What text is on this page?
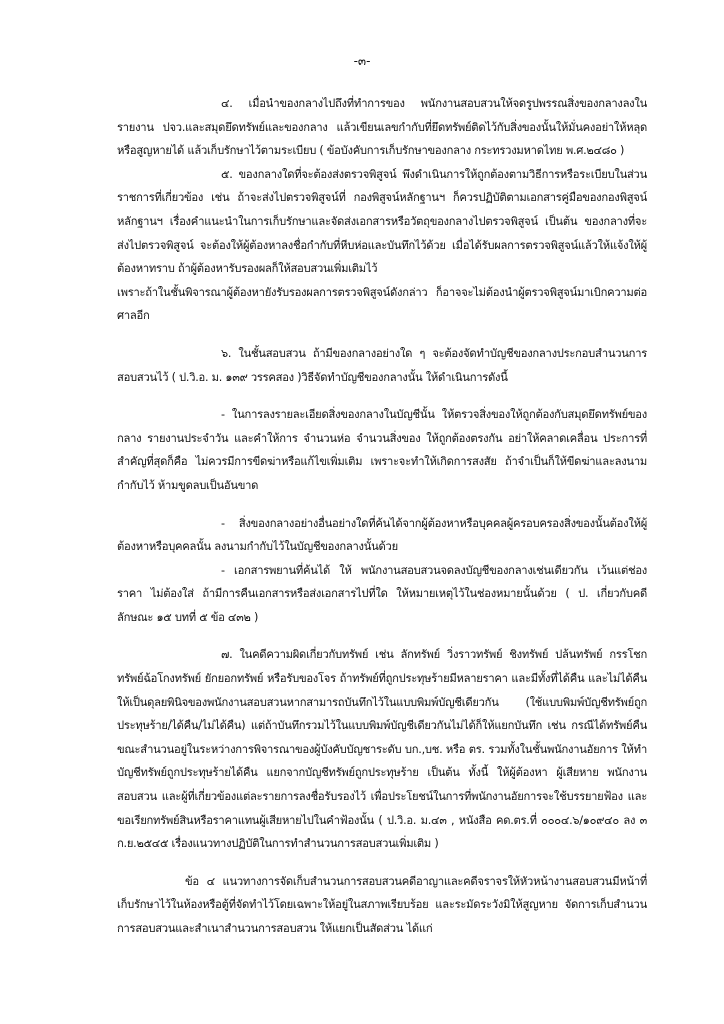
-๓-

๔. เมื่อนำของกลางไปถึงที่ทำการของ พนักงานสอบสวนให้จดรูปพรรณสิ่งของกลางลงในรายงาน ปจว.และสมุดยึดทรัพย์และของกลาง แล้วเขียนเลขกำกับที่ยึดทรัพย์ติดไว้กับสิ่งของนั้นให้มั่นคงอย่าให้หลุดหรือสูญหายได้ แล้วเก็บรักษาไว้ตามระเบียบ ( ข้อบังคับการเก็บรักษาของกลาง กระทรวงมหาดไทย พ.ศ.๒๔๘๐ )

๕. ของกลางใดที่จะต้องส่งตรวจพิสูจน์ พึงดำเนินการให้ถูกต้องตามวิธีการหรือระเบียบในส่วนราชการที่เกี่ยวข้อง เช่น ถ้าจะส่งไปตรวจพิสูจน์ที่ กองพิสูจน์หลักฐานฯ ก็ควรปฏิบัติตามเอกสารคู่มือของกองพิสูจน์หลักฐานฯ เรื่องคำแนะนำในการเก็บรักษาและจัดส่งเอกสารหรือวัตถุของกลางไปตรวจพิสูจน์ เป็นต้น ของกลางที่จะส่งไปตรวจพิสูจน์ จะต้องให้ผู้ต้องหาลงชื่อกำกับที่หีบห่อและบันทึกไว้ด้วย เมื่อได้รับผลการตรวจพิสูจน์แล้วให้แจ้งให้ผู้ต้องหาทราบ ถ้าผู้ต้องหารับรองผลก็ให้สอบสวนเพิ่มเติมไว้

เพราะถ้าในชั้นพิจารณาผู้ต้องหายังรับรองผลการตรวจพิสูจน์ดังกล่าว ก็อาจจะไม่ต้องนำผู้ตรวจพิสูจน์มาเบิกความต่อศาลอีก

๖. ในชั้นสอบสวน ถ้ามีของกลางอย่างใด ๆ จะต้องจัดทำบัญชีของกลางประกอบสำนวนการสอบสวนไว้ ( ป.วิ.อ. ม. ๑๓๙ วรรคสอง )วิธีจัดทำบัญชีของกลางนั้น ให้ดำเนินการดังนี้

- ในการลงรายละเอียดสิ่งของกลางในบัญชีนั้น ให้ตรวจสิ่งของให้ถูกต้องกับสมุดยึดทรัพย์ของกลาง รายงานประจำวัน และคำให้การ จำนวนห่อ จำนวนสิ่งของ ให้ถูกต้องตรงกัน อย่าให้คลาดเคลื่อน ประการที่สำคัญที่สุดก็คือ ไม่ควรมีการขีดฆ่าหรือแก้ไขเพิ่มเติม เพราะจะทำให้เกิดการสงสัย ถ้าจำเป็นก็ให้ขีดฆ่าและลงนามกำกับไว้ ห้ามขูดลบเป็นอันขาด

- สิ่งของกลางอย่างอื่นอย่างใดที่ค้นได้จากผู้ต้องหาหรือบุคคลผู้ครอบครองสิ่งของนั้นต้องให้ผู้ต้องหาหรือบุคคลนั้น ลงนามกำกับไว้ในบัญชีของกลางนั้นด้วย

- เอกสารพยานที่ค้นได้ ให้ พนักงานสอบสวนจดลงบัญชีของกลางเช่นเดียวกัน เว้นแต่ช่องราคา ไม่ต้องใส่ ถ้ามีการคืนเอกสารหรือส่งเอกสารไปที่ใด ให้หมายเหตุไว้ในช่องหมายนั้นด้วย ( ป. เกี่ยวกับคดี ลักษณะ ๑๕ บทที่ ๕ ข้อ ๔๓๒ )

๗. ในคดีความผิดเกี่ยวกับทรัพย์ เช่น ลักทรัพย์ วิ่งราวทรัพย์ ชิงทรัพย์ ปล้นทรัพย์ กรรโชกทรัพย์ฉ้อโกงทรัพย์ ยักยอกทรัพย์ หรือรับของโจร ถ้าทรัพย์ที่ถูกประทุษร้ายมีหลายราคา และมีทั้งที่ได้คืน และไม่ได้คืน ให้เป็นดุลยพินิจของพนักงานสอบสวนหากสามารถบันทึกไว้ในแบบพิมพ์บัญชีเดียวกัน (ใช้แบบพิมพ์บัญชีทรัพย์ถูกประทุษร้าย/ได้คืน/ไม่ได้คืน) แต่ถ้าบันทึกรวมไว้ในแบบพิมพ์บัญชีเดียวกันไม่ได้ก็ให้แยกบันทึก เช่น กรณีได้ทรัพย์คืน ขณะสำนวนอยู่ในระหว่างการพิจารณาของผู้บังคับบัญชาระดับ บก.,บช. หรือ ตร. รวมทั้งในชั้นพนักงานอัยการ ให้ทำบัญชีทรัพย์ถูกประทุษร้ายได้คืน แยกจากบัญชีทรัพย์ถูกประทุษร้าย เป็นต้น ทั้งนี้ ให้ผู้ต้องหา ผู้เสียหาย พนักงานสอบสวน และผู้ที่เกี่ยวข้องแต่ละรายการลงชื่อรับรองไว้ เพื่อประโยชน์ในการที่พนักงานอัยการจะใช้บรรยายฟ้อง และขอเรียกทรัพย์สินหรือราคาแทนผู้เสียหายไปในคำฟ้องนั้น ( ป.วิ.อ. ม.๔๓ , หนังสือ คด.ตร.ที่ ๐๐๐๔.๖/๑๐๙๔๐ ลง ๓ ก.ย.๒๕๔๕ เรื่องแนวทางปฏิบัติในการทำสำนวนการสอบสวนเพิ่มเติม )

ข้อ ๔ แนวทางการจัดเก็บสำนวนการสอบสวนคดีอาญาและคดีจราจรให้หัวหน้างานสอบสวนมีหน้าที่เก็บรักษาไว้ในห้องหรือตู้ที่จัดทำไว้โดยเฉพาะให้อยู่ในสภาพเรียบร้อย และระมัดระวังมิให้สูญหาย จัดการเก็บสำนวนการสอบสวนและสำเนาสำนวนการสอบสวน ให้แยกเป็นสัดส่วน ได้แก่
